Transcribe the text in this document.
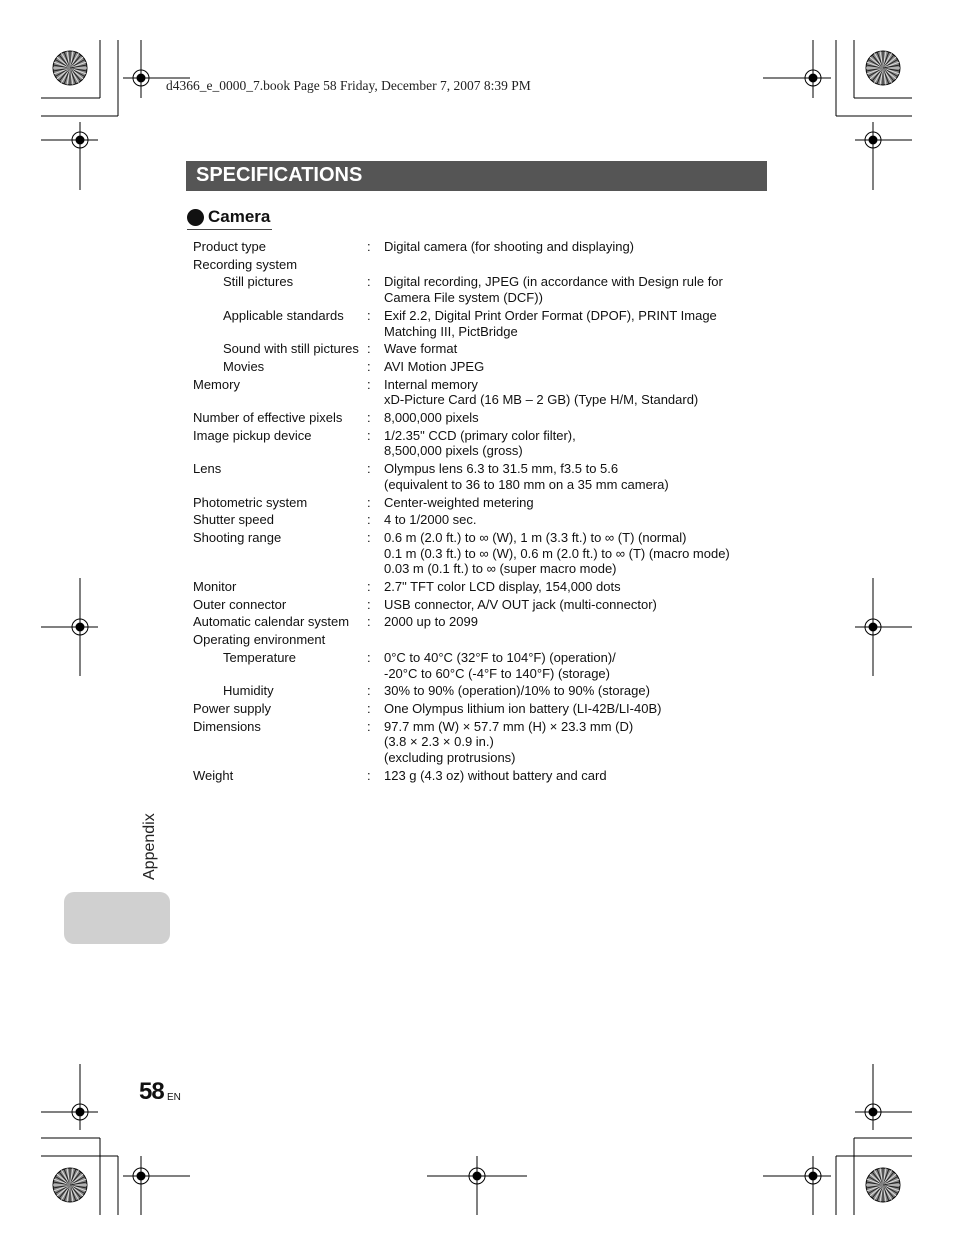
d4366_e_0000_7.book Page 58 Friday, December 7, 2007 8:39 PM
SPECIFICATIONS
Camera
Product type	:	Digital camera (for shooting and displaying)
Recording system
Still pictures	:	Digital recording, JPEG (in accordance with Design rule for
Camera File system (DCF))
Applicable standards	:	Exif 2.2, Digital Print Order Format (DPOF), PRINT Image
Matching III, PictBridge
Sound with still pictures :	Wave format
Movies	:	AVI Motion JPEG
Memory	:	Internal memory
xD-Picture Card (16 MB – 2 GB) (Type H/M, Standard)
Number of effective pixels	:	8,000,000 pixels
Image pickup device	:	1/2.35" CCD (primary color filter),
8,500,000 pixels (gross)
Lens	:	Olympus lens 6.3 to 31.5 mm, f3.5 to 5.6
(equivalent to 36 to 180 mm on a 35 mm camera)
Photometric system	:	Center-weighted metering
Shutter speed	:	4 to 1/2000 sec.
Shooting range	:	0.6 m (2.0 ft.) to ∞ (W), 1 m (3.3 ft.) to ∞ (T) (normal)
0.1 m (0.3 ft.) to ∞ (W), 0.6 m (2.0 ft.) to ∞ (T) (macro mode)
0.03 m (0.1 ft.) to ∞ (super macro mode)
Monitor	:	2.7" TFT color LCD display, 154,000 dots
Outer connector	:	USB connector, A/V OUT jack (multi-connector)
Automatic calendar system	:	2000 up to 2099
Operating environment
Temperature	:	0°C to 40°C (32°F to 104°F) (operation)/
-20°C to 60°C (-4°F to 140°F) (storage)
Humidity	:	30% to 90% (operation)/10% to 90% (storage)
Power supply	:	One Olympus lithium ion battery (LI-42B/LI-40B)
Dimensions	:	97.7 mm (W) × 57.7 mm (H) × 23.3 mm (D)
(3.8 × 2.3 × 0.9 in.)
(excluding protrusions)
Weight	:	123 g (4.3 oz) without battery and card
Appendix
58 EN
